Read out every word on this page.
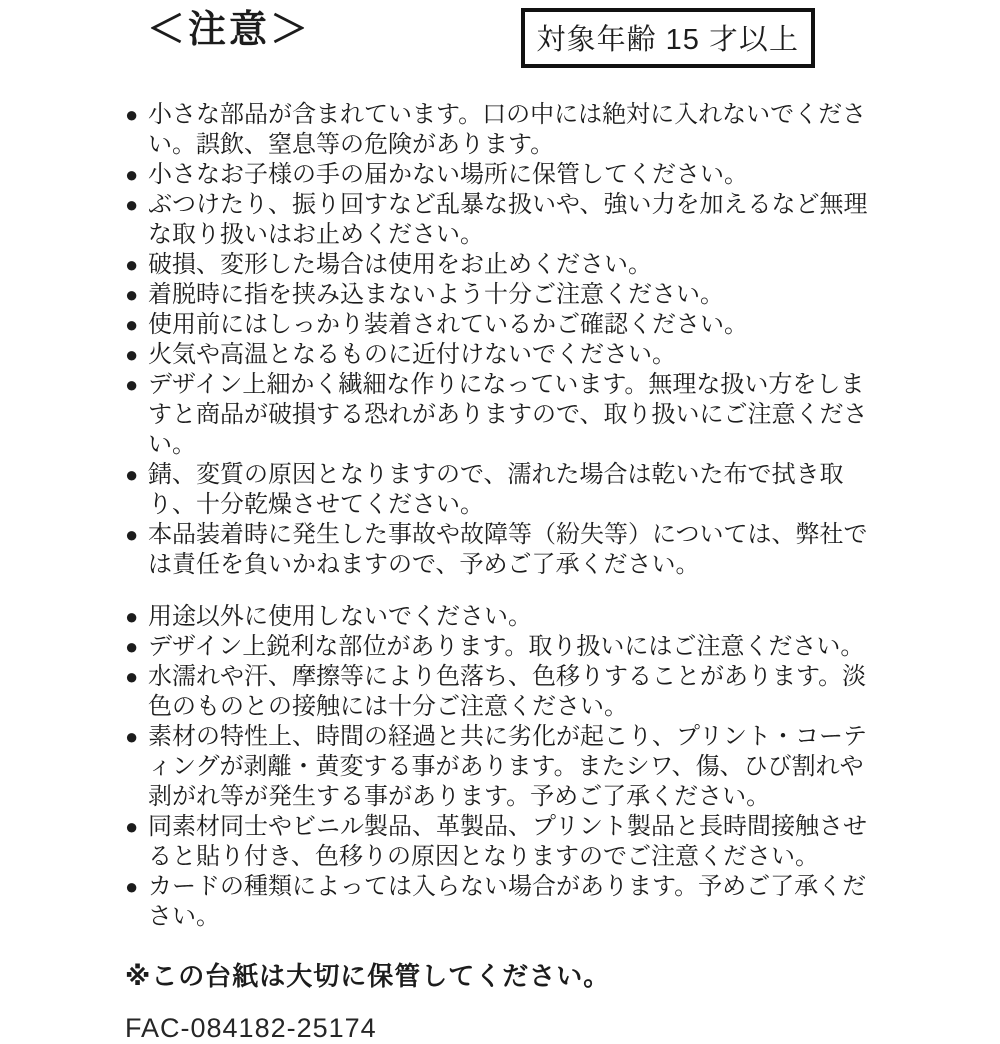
＜注意＞	対象年齢 15 才以上
● 小さな部品が含まれています。口の中には絶対に入れないでください。誤飲、窒息等の危険があります。
● 小さなお子様の手の届かない場所に保管してください。
● ぶつけたり、振り回すなど乱暴な扱いや、強い力を加えるなど無理な取り扱いはお止めください。
● 破損、変形した場合は使用をお止めください。
● 着脱時に指を挟み込まないよう十分ご注意ください。
● 使用前にはしっかり装着されているかご確認ください。
● 火気や高温となるものに近付けないでください。
● デザイン上細かく繊細な作りになっています。無理な扱い方をしますと商品が破損する恐れがありますので、取り扱いにご注意ください。
● 錆、変質の原因となりますので、濡れた場合は乾いた布で拭き取り、十分乾燥させてください。
● 本品装着時に発生した事故や故障等（紛失等）については、弊社では責任を負いかねますので、予めご了承ください。
● 用途以外に使用しないでください。
● デザイン上鋭利な部位があります。取り扱いにはご注意ください。
● 水濡れや汗、摩擦等により色落ち、色移りすることがあります。淡色のものとの接触には十分ご注意ください。
● 素材の特性上、時間の経過と共に劣化が起こり、プリント・コーティングが剥離・黄変する事があります。またシワ、傷、ひび割れや剥がれ等が発生する事があります。予めご了承ください。
● 同素材同士やビニル製品、革製品、プリント製品と長時間接触させると貼り付き、色移りの原因となりますのでご注意ください。
● カードの種類によっては入らない場合があります。予めご了承ください。
※この台紙は大切に保管してください。
FAC-084182-25174
